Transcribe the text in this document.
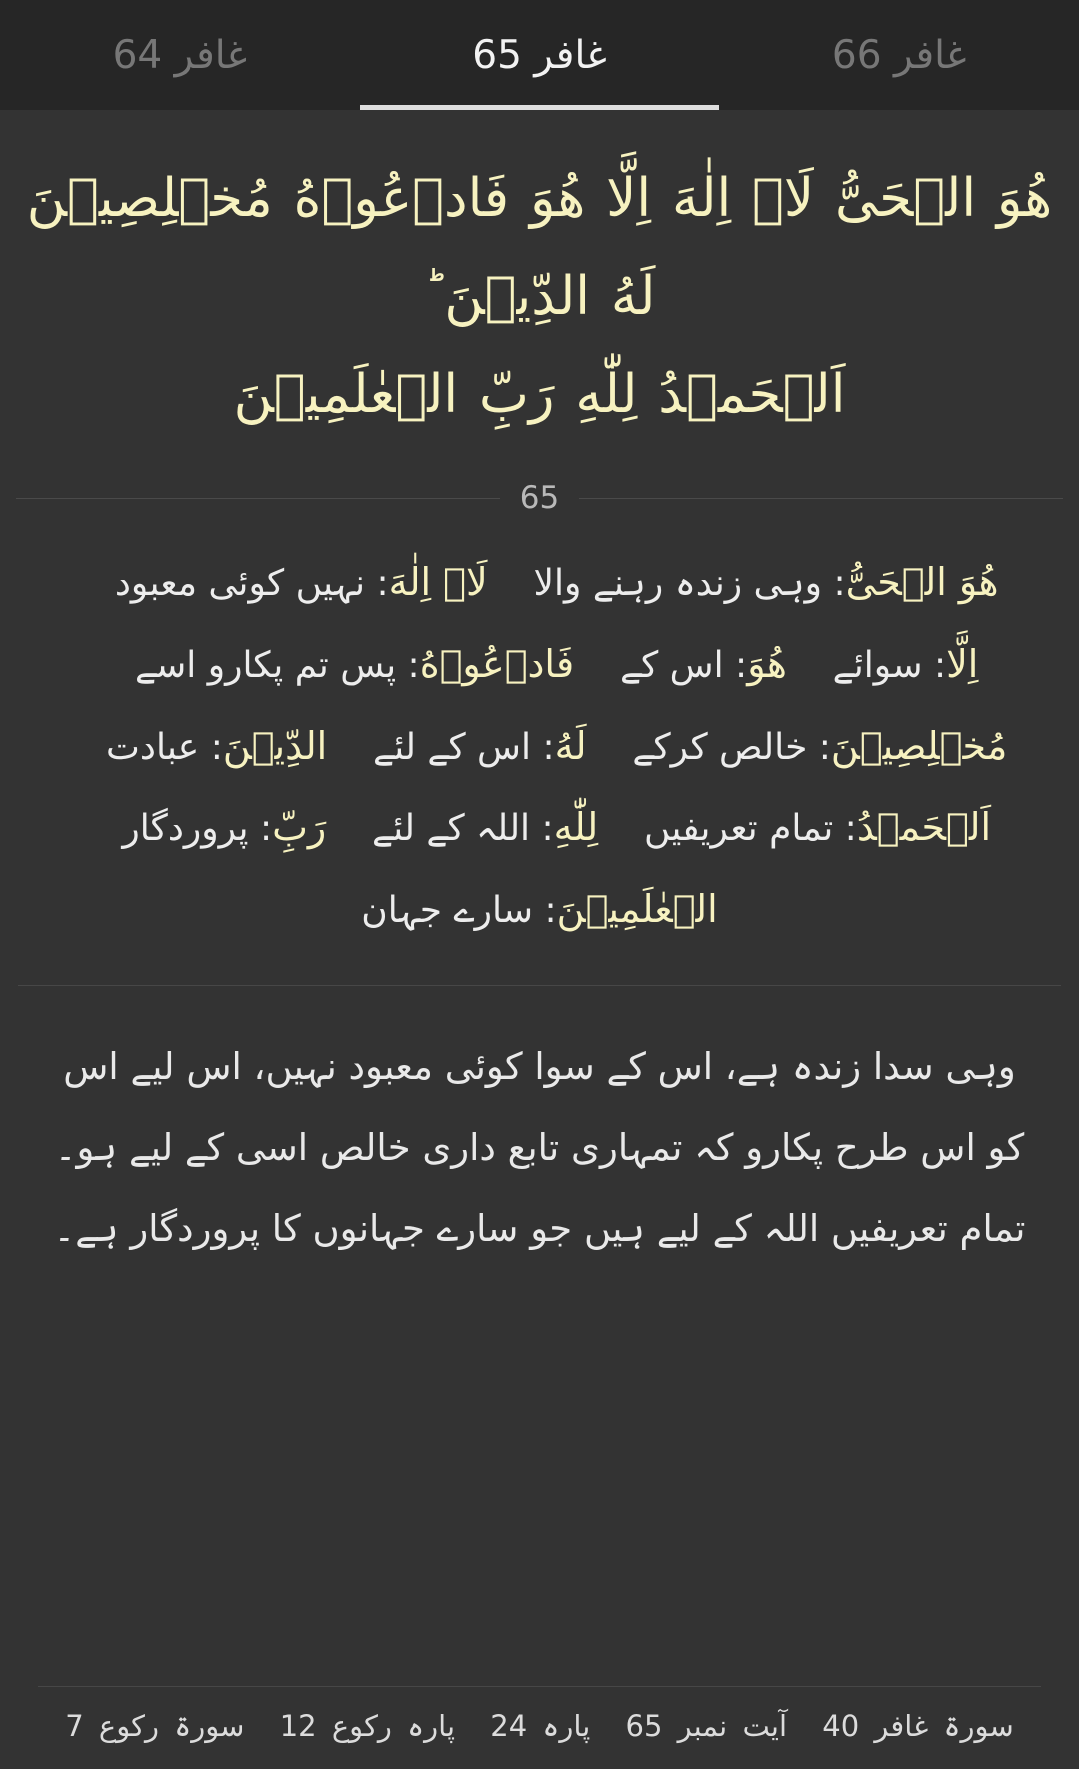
غافر 66
غافر 65
غافر 64
هُوَ الۡحَىُّ لَاۤ اِلٰهَ اِلَّا هُوَ فَادۡعُوۡهُ مُخۡلِصِيۡنَ لَهُ الدِّيۡنَ ؕ
اَلۡحَمۡدُ لِلّٰهِ رَبِّ الۡعٰلَمِيۡنَ
65
هُوَ الۡحَىُّ: وہی زندہ رہنے والا    لَاۤ اِلٰهَ: نہیں کوئی معبود    اِلَّا: سوائے    هُوَ: اس کے    فَادۡعُوۡهُ: پس تم پکارو اسے    مُخۡلِصِيۡنَ: خالص کرکے    لَهُ: اس کے لئے    الدِّيۡنَ: عبادت    اَلۡحَمۡدُ: تمام تعریفیں    لِلّٰهِ: اللہ کے لئے    رَبِّ: پروردگار    الۡعٰلَمِيۡنَ: سارے جہان
وہی سدا زندہ ہے، اس کے سوا کوئی معبود نہیں، اس لیے اس کو اس طرح پکارو کہ تمہاری تابع داری خالص اسی کے لیے ہو۔ تمام تعریفیں اللہ کے لیے ہیں جو سارے جہانوں کا پروردگار ہے۔
سورۃ غافر 40 آیت نمبر 65 پارہ 24 پارہ رکوع 12 سورۃ رکوع 7
